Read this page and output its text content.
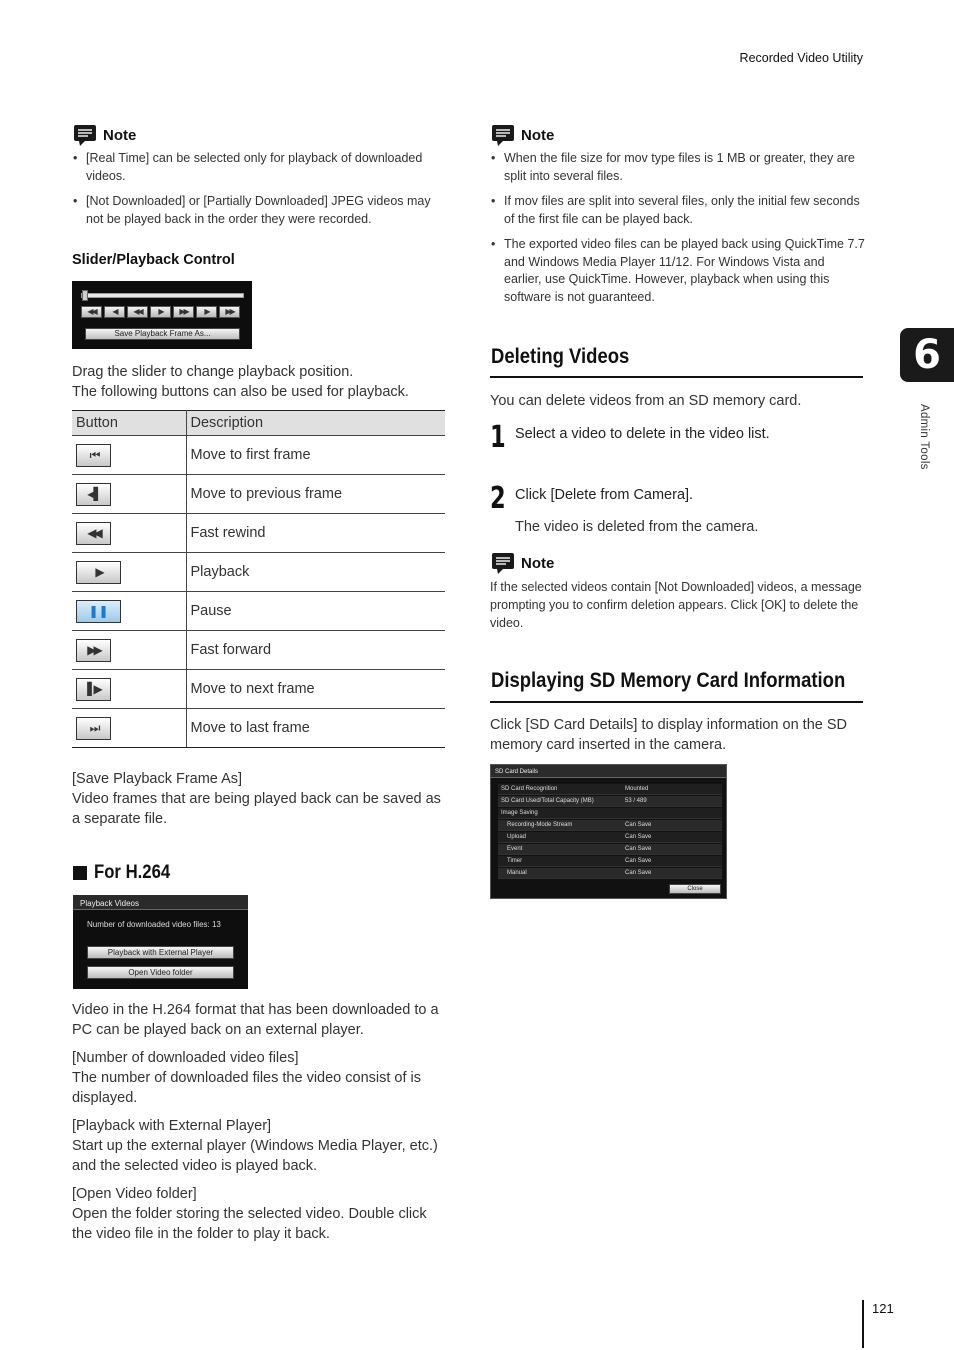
Recorded Video Utility
Note
• [Real Time] can be selected only for playback of downloaded videos.
• [Not Downloaded] or [Partially Downloaded] JPEG videos may not be played back in the order they were recorded.
Slider/Playback Control
◀◀	◀	◀◀	▶	▶▶	▶	▶▶
Save Playback Frame As...
Drag the slider to change playback position.
The following buttons can also be used for playback.
Button	Description

⏮	Move to first frame

◀▌	Move to previous frame

◀◀	Fast rewind

▶	Playback

❚❚	Pause

▶▶	Fast forward

▌▶	Move to next frame

⏭	Move to last frame
[Save Playback Frame As]
Video frames that are being played back can be saved as a separate file.
For H.264
Playback Videos
Number of downloaded video files: 13
Playback with External Player
Open Video folder
Video in the H.264 format that has been downloaded to a PC can be played back on an external player.
[Number of downloaded video files]
The number of downloaded files the video consist of is displayed.
[Playback with External Player]
Start up the external player (Windows Media Player, etc.) and the selected video is played back.
[Open Video folder]
Open the folder storing the selected video. Double click the video file in the folder to play it back.
Note
• When the file size for mov type files is 1 MB or greater, they are split into several files.
• If mov files are split into several files, only the initial few seconds of the first file can be played back.
• The exported video files can be played back using QuickTime 7.7 and Windows Media Player 11/12. For Windows Vista and earlier, use QuickTime. However, playback when using this software is not guaranteed.
Deleting Videos
You can delete videos from an SD memory card.
1 Select a video to delete in the video list.
2 Click [Delete from Camera].
The video is deleted from the camera.
Note
If the selected videos contain [Not Downloaded] videos, a message prompting you to confirm deletion appears. Click [OK] to delete the video.
Displaying SD Memory Card Information
Click [SD Card Details] to display information on the SD memory card inserted in the camera.
SD Card Details
SD Card Recognition	Mounted
SD Card Used/Total Capacity (MB)	53 / 489
Image Saving
Recording-Mode Stream	Can Save
Upload	Can Save
Event	Can Save
Timer	Can Save
Manual	Can Save
Close
6
Admin Tools
121
